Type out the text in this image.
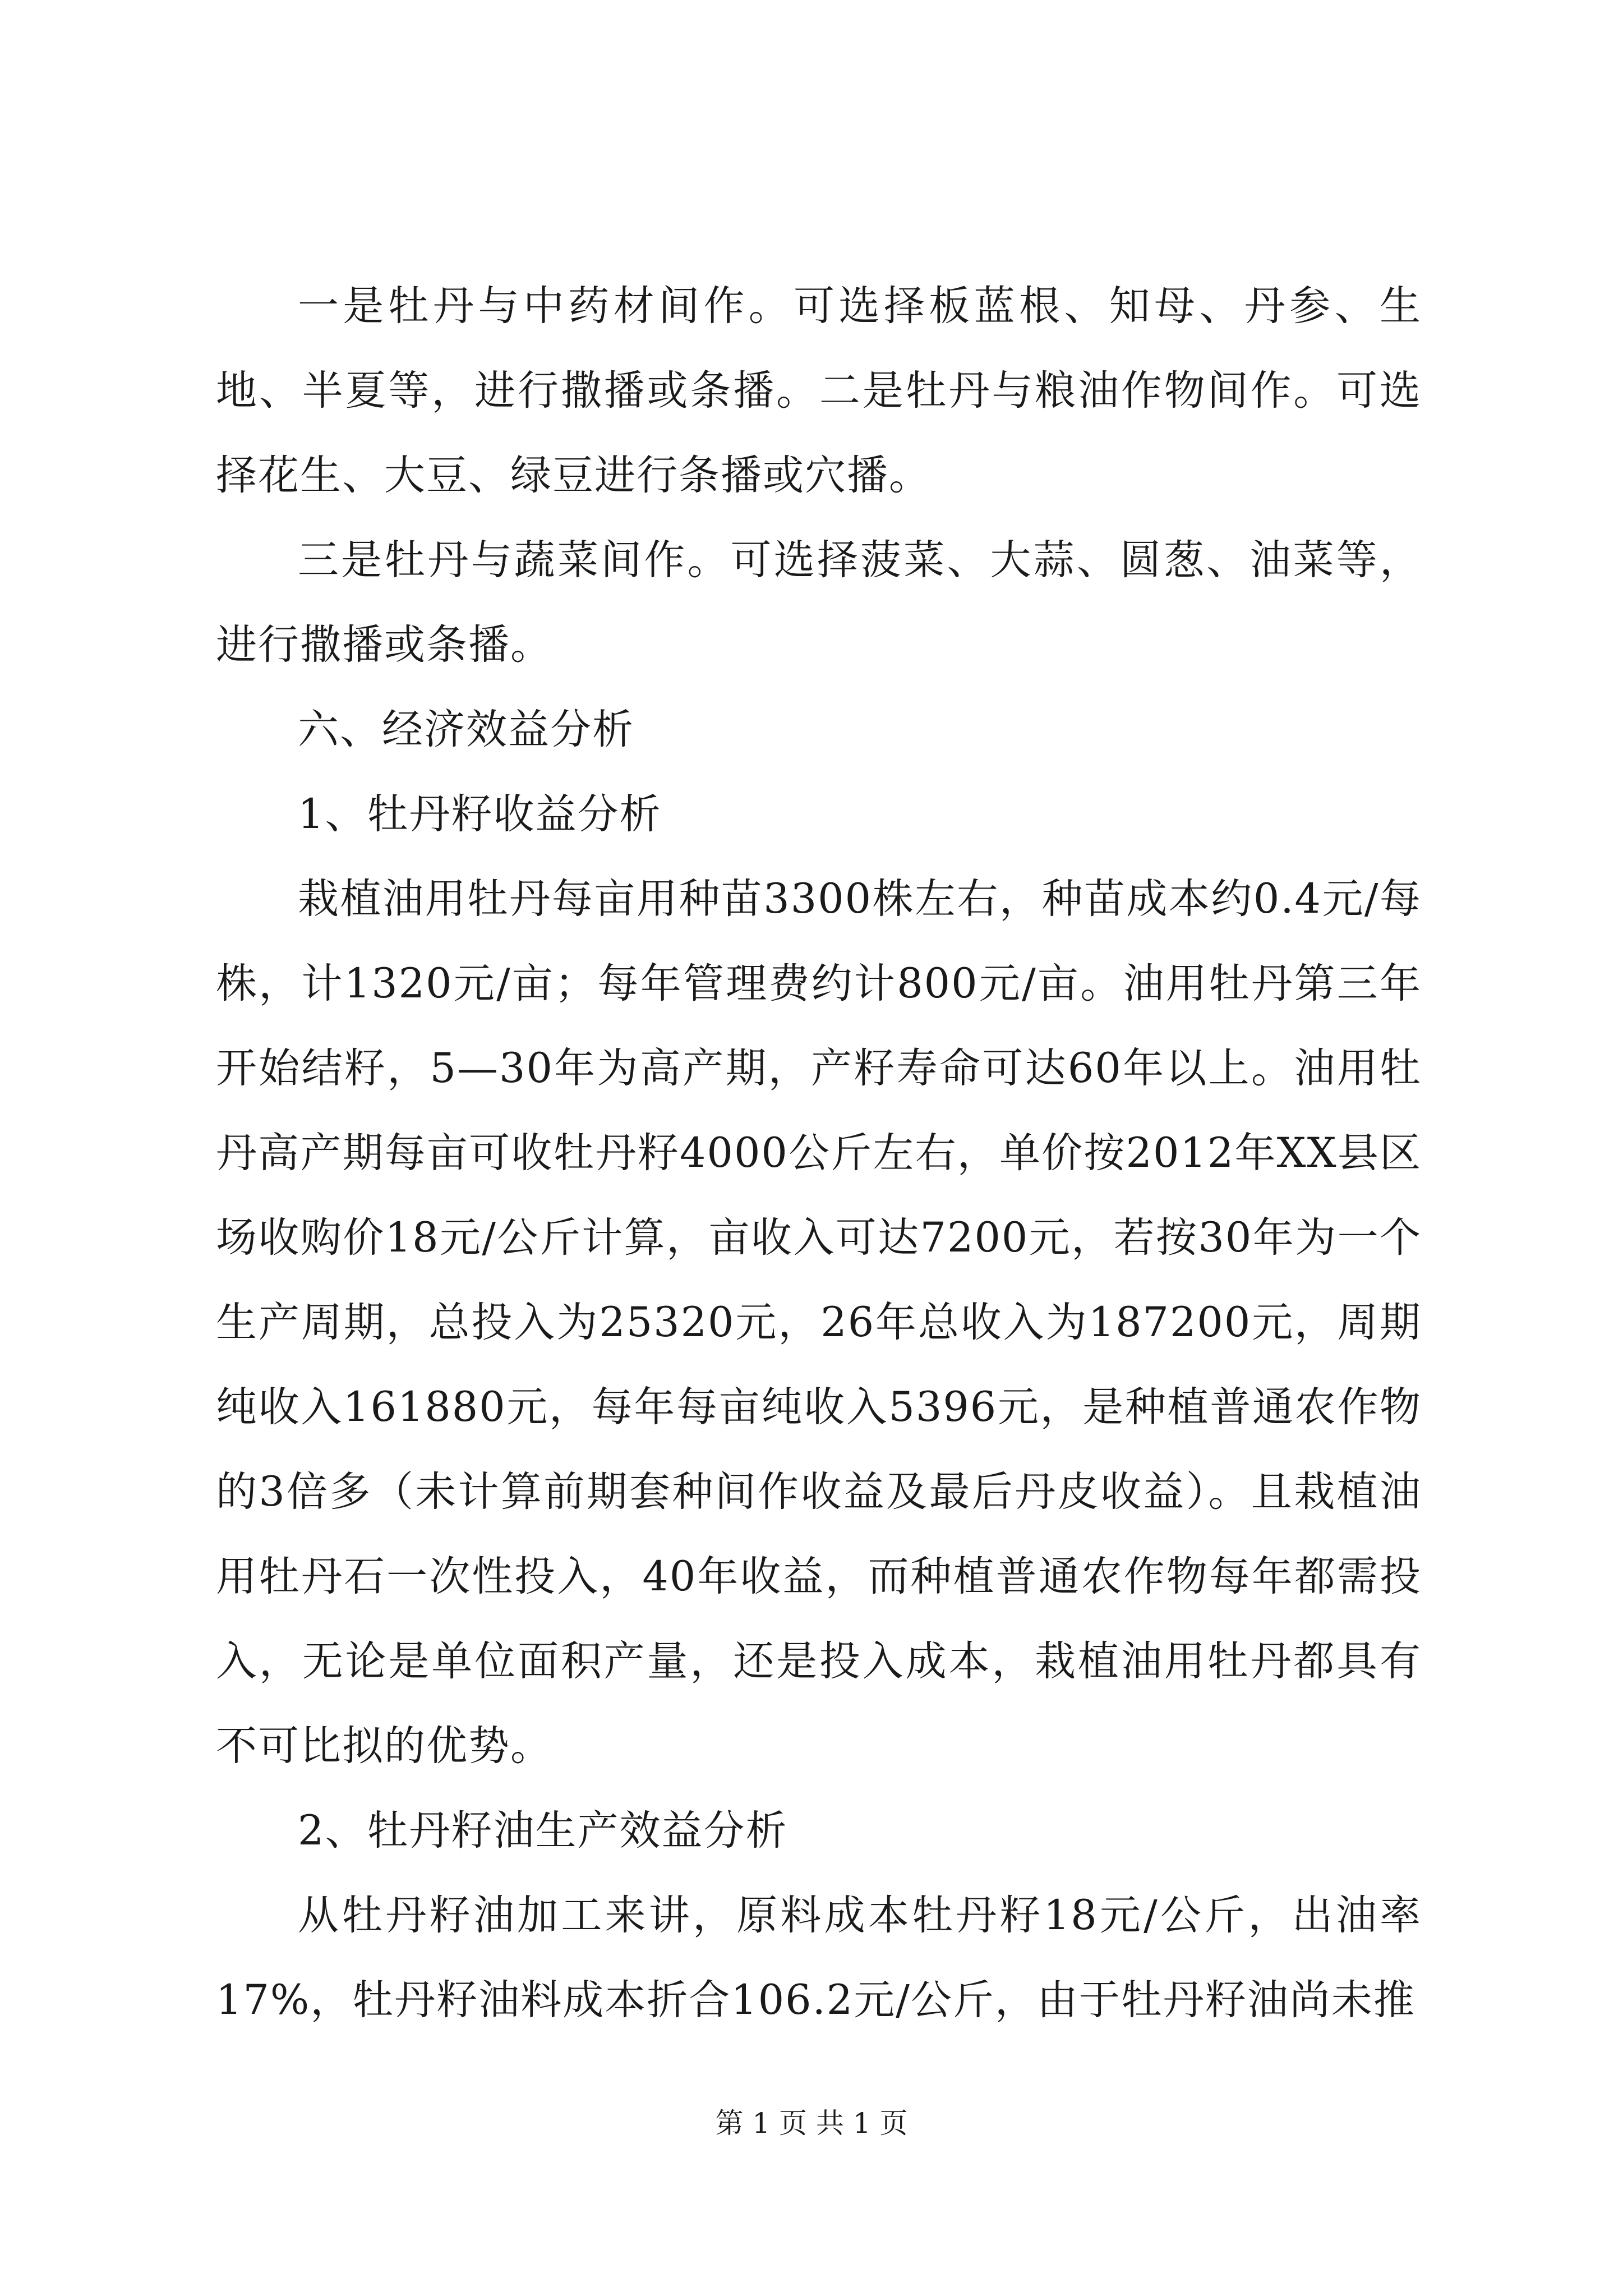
一是牡丹与中药材间作。可选择板蓝根、知母、丹参、生地、半夏等，进行撒播或条播。二是牡丹与粮油作物间作。可选择花生、大豆、绿豆进行条播或穴播。

三是牡丹与蔬菜间作。可选择菠菜、大蒜、圆葱、油菜等，进行撒播或条播。

六、经济效益分析

1、牡丹籽收益分析

栽植油用牡丹每亩用种苗3300株左右，种苗成本约0.4元/每株，计1320元/亩；每年管理费约计800元/亩。油用牡丹第三年开始结籽，5—30年为高产期，产籽寿命可达60年以上。油用牡丹高产期每亩可收牡丹籽4000公斤左右，单价按2012年XX县区场收购价18元/公斤计算，亩收入可达7200元，若按30年为一个生产周期，总投入为25320元，26年总收入为187200元，周期纯收入161880元，每年每亩纯收入5396元，是种植普通农作物的3倍多（未计算前期套种间作收益及最后丹皮收益）。且栽植油用牡丹石一次性投入，40年收益，而种植普通农作物每年都需投入，无论是单位面积产量，还是投入成本，栽植油用牡丹都具有不可比拟的优势。

2、牡丹籽油生产效益分析

从牡丹籽油加工来讲，原料成本牡丹籽18元/公斤，出油率17%，牡丹籽油料成本折合106.2元/公斤，由于牡丹籽油尚未推

第 1 页 共 1 页
